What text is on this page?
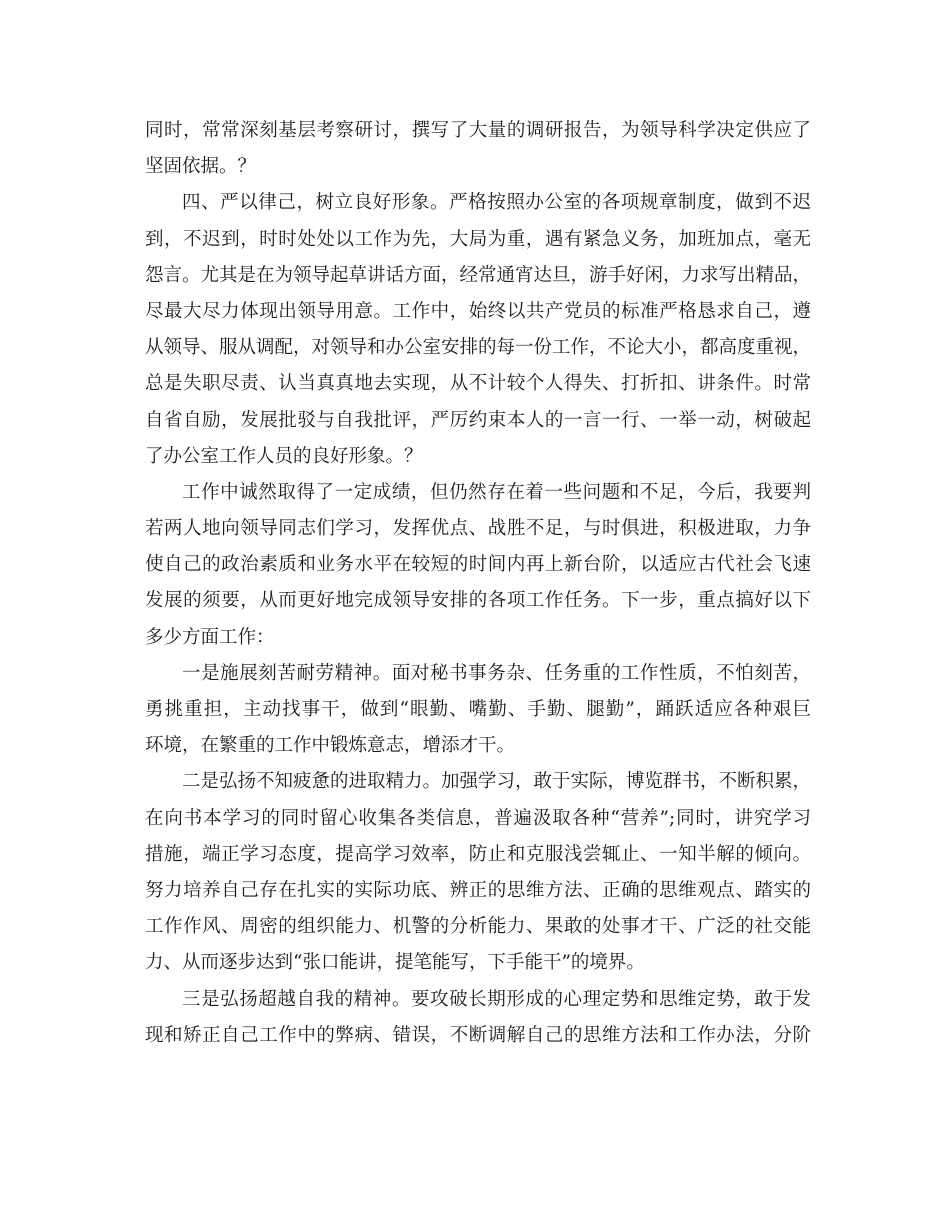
同时，常常深刻基层考察研讨，撰写了大量的调研报告，为领导科学决定供应了
坚固依据。？
四、严以律己，树立良好形象。严格按照办公室的各项规章制度，做到不迟
到，不迟到，时时处处以工作为先，大局为重，遇有紧急义务，加班加点，毫无
怨言。尤其是在为领导起草讲话方面，经常通宵达旦，游手好闲，力求写出精品，
尽最大尽力体现出领导用意。工作中，始终以共产党员的标准严格恳求自己，遵
从领导、服从调配，对领导和办公室安排的每一份工作，不论大小，都高度重视，
总是失职尽责、认当真真地去实现，从不计较个人得失、打折扣、讲条件。时常
自省自励，发展批驳与自我批评，严厉约束本人的一言一行、一举一动，树破起
了办公室工作人员的良好形象。？
工作中诚然取得了一定成绩，但仍然存在着一些问题和不足，今后，我要判
若两人地向领导同志们学习，发挥优点、战胜不足，与时俱进，积极进取，力争
使自己的政治素质和业务水平在较短的时间内再上新台阶，以适应古代社会飞速
发展的须要，从而更好地完成领导安排的各项工作任务。下一步，重点搞好以下
多少方面工作：
一是施展刻苦耐劳精神。面对秘书事务杂、任务重的工作性质，不怕刻苦，
勇挑重担，主动找事干，做到“眼勤、嘴勤、手勤、腿勤”，踊跃适应各种艰巨
环境，在繁重的工作中锻炼意志，增添才干。
二是弘扬不知疲惫的进取精力。加强学习，敢于实际，博览群书，不断积累，
在向书本学习的同时留心收集各类信息，普遍汲取各种“营养”;同时，讲究学习
措施，端正学习态度，提高学习效率，防止和克服浅尝辄止、一知半解的倾向。
努力培养自己存在扎实的实际功底、辨正的思维方法、正确的思维观点、踏实的
工作作风、周密的组织能力、机警的分析能力、果敢的处事才干、广泛的社交能
力、从而逐步达到“张口能讲，提笔能写，下手能干”的境界。
三是弘扬超越自我的精神。要攻破长期形成的心理定势和思维定势，敢于发
现和矫正自己工作中的弊病、错误，不断调解自己的思维方法和工作办法，分阶
